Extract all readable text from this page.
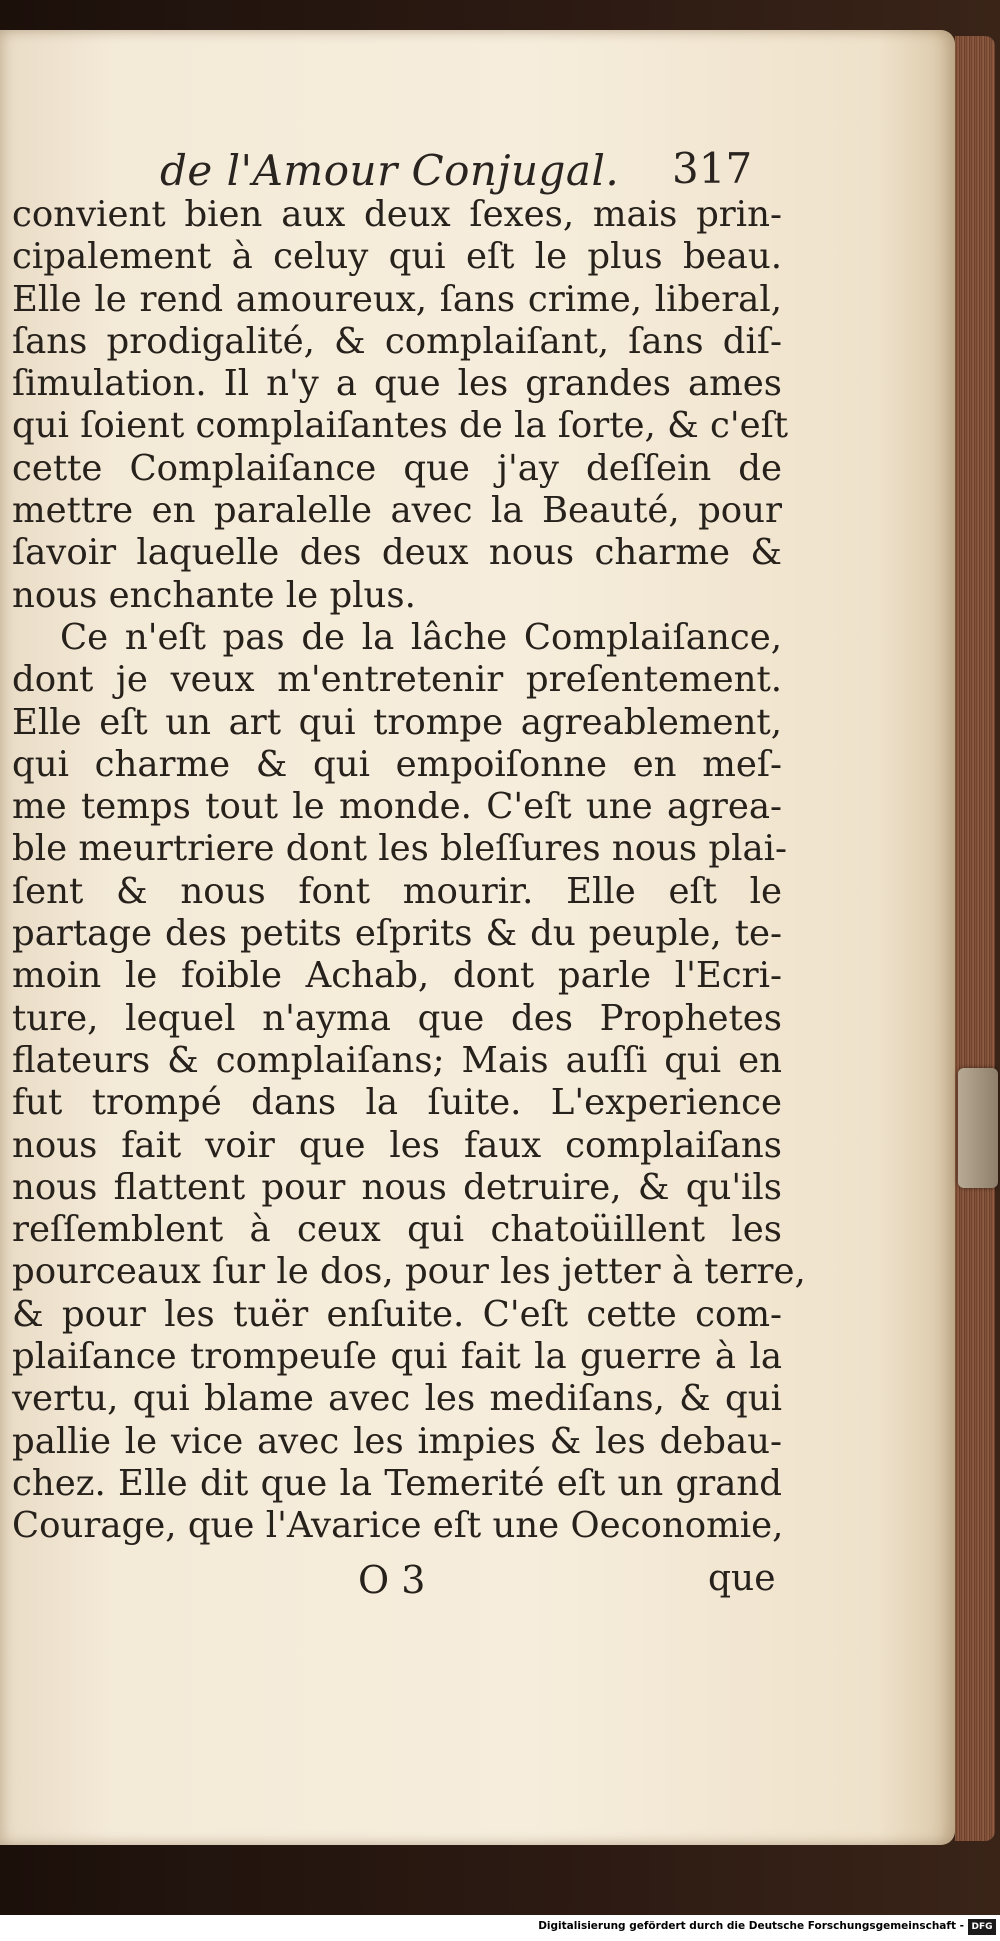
de l'Amour Conjugal. 317
convient bien aux deux ſexes, mais prin-
cipalement à celuy qui eſt le plus beau.
Elle le rend amoureux, ſans crime, liberal,
ſans prodigalité, & complaiſant, ſans diſ-
ſimulation. Il n'y a que les grandes ames
qui ſoient complaiſantes de la ſorte, & c'eſt
cette Complaiſance que j'ay deſſein de
mettre en paralelle avec la Beauté, pour
ſavoir laquelle des deux nous charme &
nous enchante le plus.
Ce n'eſt pas de la lâche Complaiſance,
dont je veux m'entretenir preſentement.
Elle eſt un art qui trompe agreablement,
qui charme & qui empoiſonne en meſ-
me temps tout le monde. C'eſt une agrea-
ble meurtriere dont les bleſſures nous plai-
ſent & nous font mourir. Elle eſt le
partage des petits eſprits & du peuple, te-
moin le foible Achab, dont parle l'Ecri-
ture, lequel n'ayma que des Prophetes
flateurs & complaiſans; Mais auſſi qui en
fut trompé dans la ſuite. L'experience
nous fait voir que les faux complaiſans
nous flattent pour nous detruire, & qu'ils
reſſemblent à ceux qui chatoüillent les
pourceaux ſur le dos, pour les jetter à terre,
& pour les tuër enſuite. C'eſt cette com-
plaiſance trompeuſe qui fait la guerre à la
vertu, qui blame avec les mediſans, & qui
pallie le vice avec les impies & les debau-
chez. Elle dit que la Temerité eſt un grand
Courage, que l'Avarice eſt une Oeconomie,
O 3	que
Digitalisierung gefördert durch die Deutsche Forschungsgemeinschaft - DFG
